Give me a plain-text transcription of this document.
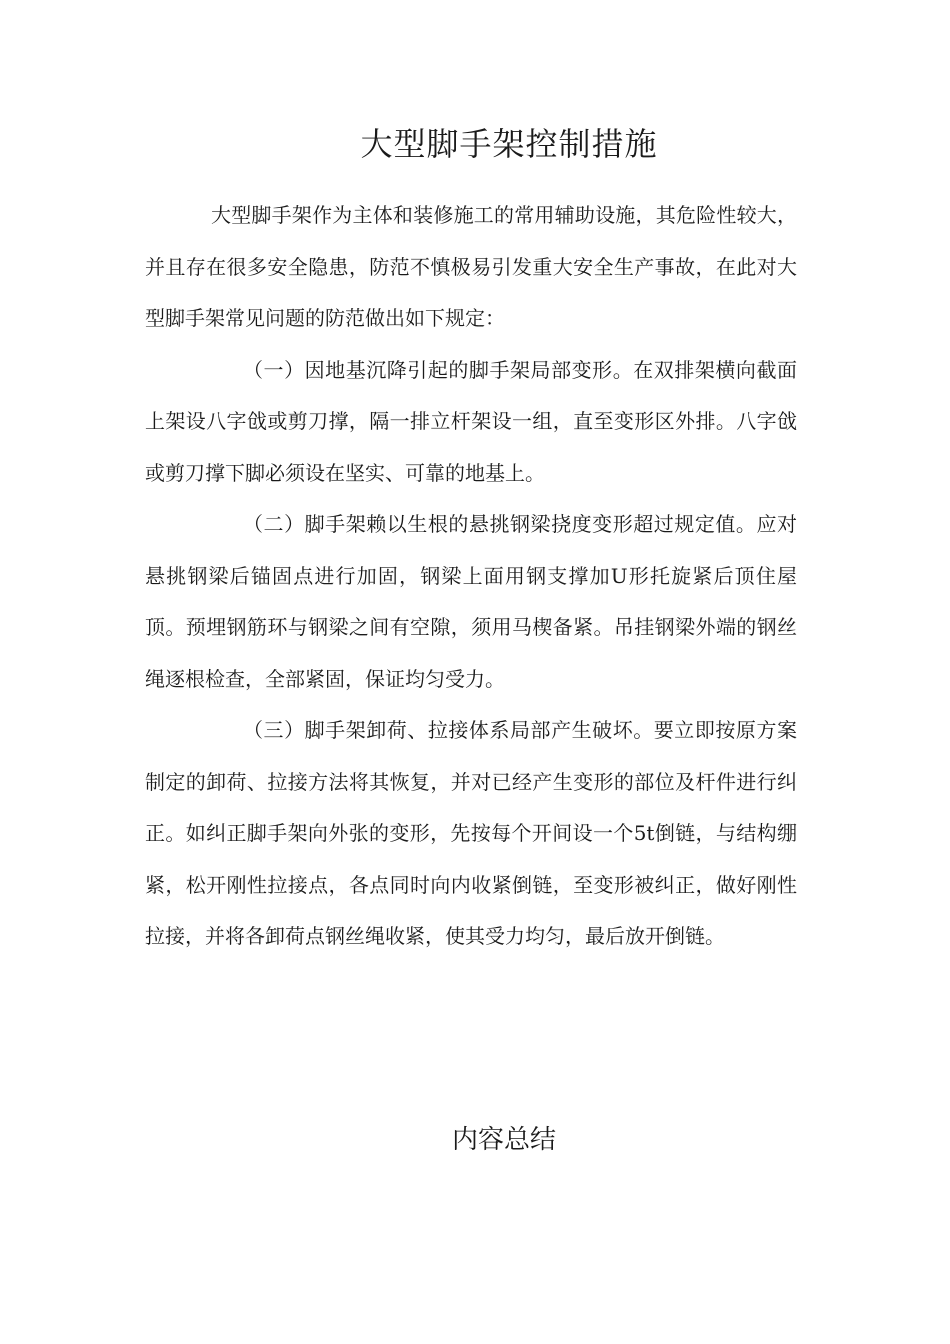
大型脚手架控制措施

大型脚手架作为主体和装修施工的常用辅助设施，其危险性较大，并且存在很多安全隐患，防范不慎极易引发重大安全生产事故，在此对大型脚手架常见问题的防范做出如下规定：

（一）因地基沉降引起的脚手架局部变形。在双排架横向截面上架设八字戗或剪刀撑，隔一排立杆架设一组，直至变形区外排。八字戗或剪刀撑下脚必须设在坚实、可靠的地基上。

（二）脚手架赖以生根的悬挑钢梁挠度变形超过规定值。应对悬挑钢梁后锚固点进行加固，钢梁上面用钢支撑加U形托旋紧后顶住屋顶。预埋钢筋环与钢梁之间有空隙，须用马楔备紧。吊挂钢梁外端的钢丝绳逐根检查，全部紧固，保证均匀受力。

（三）脚手架卸荷、拉接体系局部产生破坏。要立即按原方案制定的卸荷、拉接方法将其恢复，并对已经产生变形的部位及杆件进行纠正。如纠正脚手架向外张的变形，先按每个开间设一个5t倒链，与结构绷紧，松开刚性拉接点，各点同时向内收紧倒链，至变形被纠正，做好刚性拉接，并将各卸荷点钢丝绳收紧，使其受力均匀，最后放开倒链。

内容总结
